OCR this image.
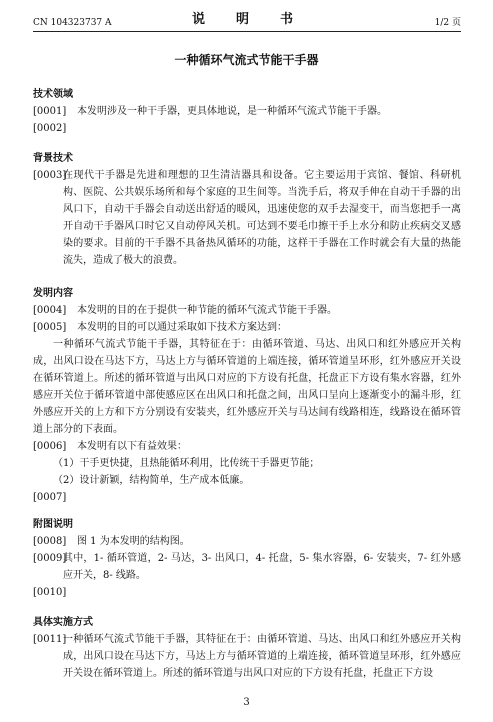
CN 104323737 A	说　明　书	1/2 页
一种循环气流式节能干手器
技术领域
[0001]	本发明涉及一种干手器，更具体地说，是一种循环气流式节能干手器。
[0002]
背景技术
[0003]
在现代干手器是先进和理想的卫生清洁器具和设备。它主要运用于宾馆、餐馆、科研机构、医院、公共娱乐场所和每个家庭的卫生间等。当洗手后，将双手伸在自动干手器的出风口下，自动干手器会自动送出舒适的暖风，迅速使您的双手去湿变干，而当您把手一离开自动干手器风口时它又自动停风关机。可达到不要毛巾擦干手上水分和防止疾病交叉感染的要求。目前的干手器不具备热风循环的功能，这样干手器在工作时就会有大量的热能流失，造成了极大的浪费。
发明内容
[0004]	本发明的目的在于提供一种节能的循环气流式节能干手器。
[0005]	本发明的目的可以通过采取如下技术方案达到：
一种循环气流式节能干手器，其特征在于：由循环管道、马达、出风口和红外感应开关构成，出风口设在马达下方，马达上方与循环管道的上端连接，循环管道呈环形，红外感应开关设在循环管道上。所述的循环管道与出风口对应的下方设有托盘，托盘正下方设有集水容器，红外感应开关位于循环管道中部使感应区在出风口和托盘之间，出风口呈向上逐渐变小的漏斗形，红外感应开关的上方和下方分别设有安装夹，红外感应开关与马达间有线路相连，线路设在循环管道上部分的下表面。
[0006]	本发明有以下有益效果：
（1）干手更快捷，且热能循环利用，比传统干手器更节能；
（2）设计新颖，结构简单，生产成本低廉。
[0007]
附图说明
[0008]	图 1 为本发明的结构图。
[0009]
其中，1- 循环管道，2- 马达，3- 出风口，4- 托盘，5- 集水容器，6- 安装夹，7- 红外感应开关，8- 线路。
[0010]
具体实施方式
[0011]
一种循环气流式节能干手器，其特征在于：由循环管道、马达、出风口和红外感应开关构成，出风口设在马达下方，马达上方与循环管道的上端连接，循环管道呈环形，红外感应开关设在循环管道上。所述的循环管道与出风口对应的下方设有托盘，托盘正下方设
3
